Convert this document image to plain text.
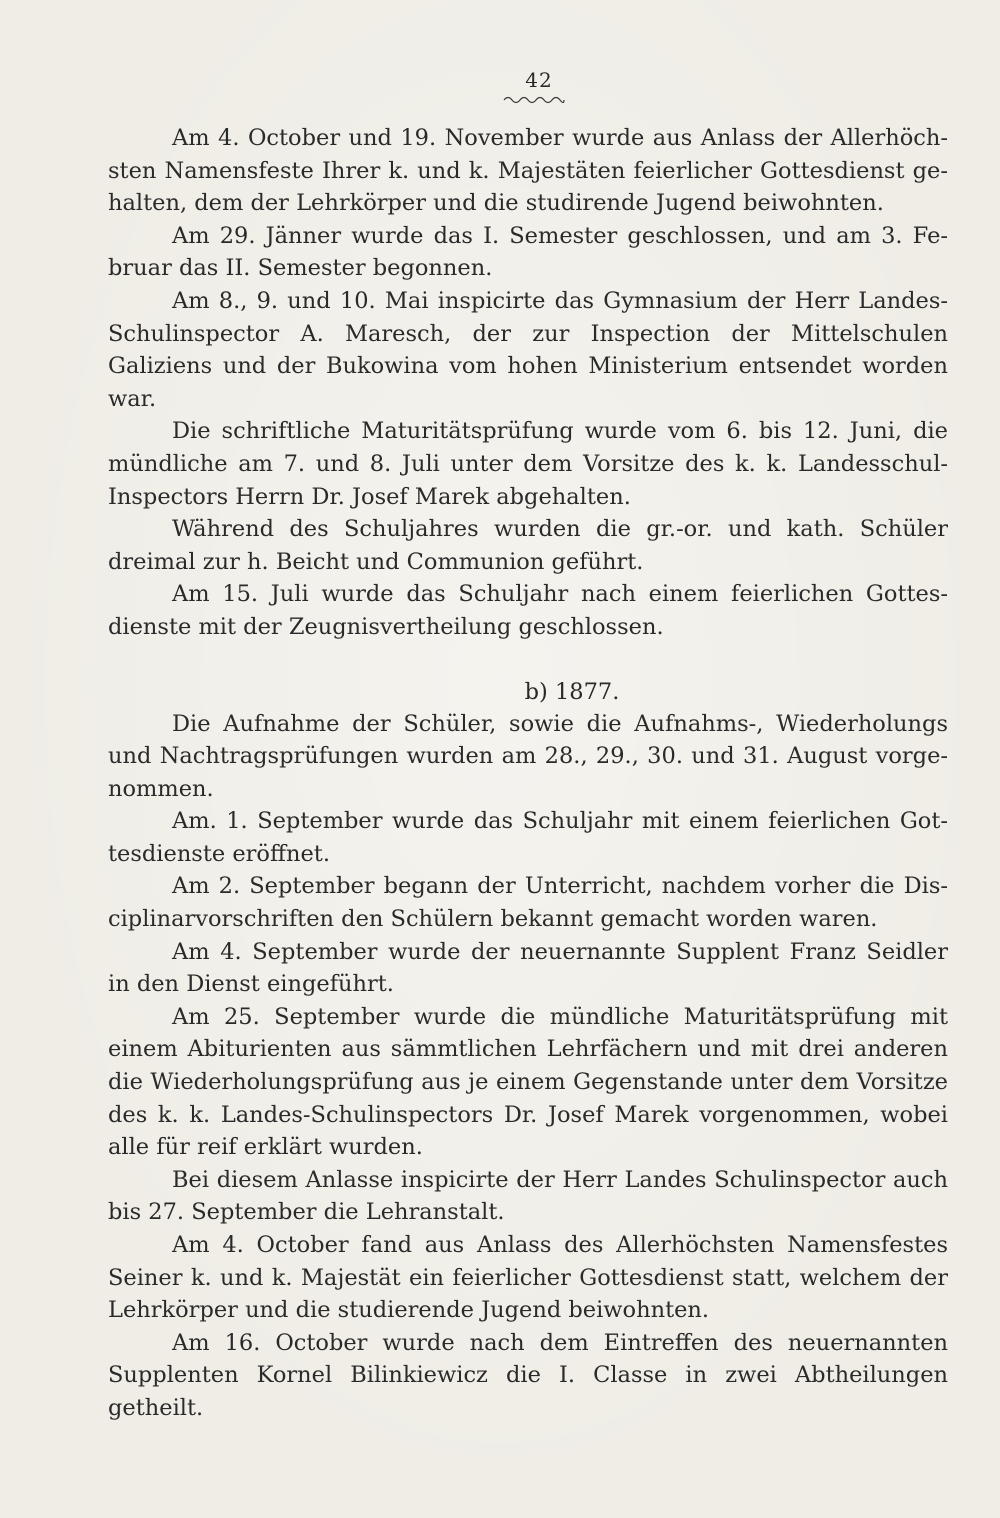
42

Am 4. October und 19. November wurde aus Anlass der Allerhöchsten Namensfeste Ihrer k. und k. Majestäten feierlicher Gottesdienst gehalten, dem der Lehrkörper und die studirende Jugend beiwohnten.

Am 29. Jänner wurde das I. Semester geschlossen, und am 3. Februar das II. Semester begonnen.

Am 8., 9. und 10. Mai inspicirte das Gymnasium der Herr Landes-Schulinspector A. Maresch, der zur Inspection der Mittelschulen Galiziens und der Bukowina vom hohen Ministerium entsendet worden war.

Die schriftliche Maturitätsprüfung wurde vom 6. bis 12. Juni, die mündliche am 7. und 8. Juli unter dem Vorsitze des k. k. Landesschul-Inspectors Herrn Dr. Josef Marek abgehalten.

Während des Schuljahres wurden die gr.-or. und kath. Schüler dreimal zur h. Beicht und Communion geführt.

Am 15. Juli wurde das Schuljahr nach einem feierlichen Gottesdienste mit der Zeugnisvertheilung geschlossen.

b) 1877.

Die Aufnahme der Schüler, sowie die Aufnahms-, Wiederholungs und Nachtragsprüfungen wurden am 28., 29., 30. und 31. August vorgenommen.

Am. 1. September wurde das Schuljahr mit einem feierlichen Gottesdienste eröffnet.

Am 2. September begann der Unterricht, nachdem vorher die Disciplinarvorschriften den Schülern bekannt gemacht worden waren.

Am 4. September wurde der neuernannte Supplent Franz Seidler in den Dienst eingeführt.

Am 25. September wurde die mündliche Maturitätsprüfung mit einem Abiturienten aus sämmtlichen Lehrfächern und mit drei anderen die Wiederholungsprüfung aus je einem Gegenstande unter dem Vorsitze des k. k. Landes-Schulinspectors Dr. Josef Marek vorgenommen, wobei alle für reif erklärt wurden.

Bei diesem Anlasse inspicirte der Herr Landes Schulinspector auch bis 27. September die Lehranstalt.

Am 4. October fand aus Anlass des Allerhöchsten Namensfestes Seiner k. und k. Majestät ein feierlicher Gottesdienst statt, welchem der Lehrkörper und die studierende Jugend beiwohnten.

Am 16. October wurde nach dem Eintreffen des neuernannten Supplenten Kornel Bilinkiewicz die I. Classe in zwei Abtheilungen getheilt.
